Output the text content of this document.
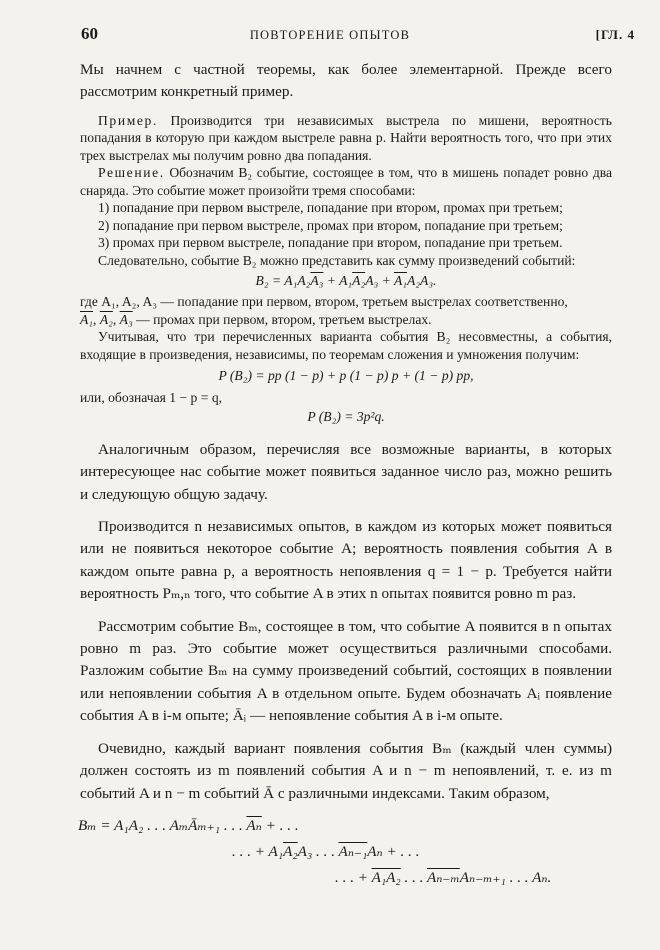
60	ПОВТОРЕНИЕ ОПЫТОВ	[ГЛ. 4

Мы начнем с частной теоремы, как более элементарной. Прежде всего рассмотрим конкретный пример.

Пример. Производится три независимых выстрела по мишени, вероятность попадания в которую при каждом выстреле равна p. Найти вероятность того, что при этих трех выстрелах мы получим ровно два попадания.

Решение. Обозначим B₂ событие, состоящее в том, что в мишень попадет ровно два снаряда. Это событие может произойти тремя способами:

1) попадание при первом выстреле, попадание при втором, промах при третьем;

2) попадание при первом выстреле, промах при втором, попадание при третьем;

3) промах при первом выстреле, попадание при втором, попадание при третьем.

Следовательно, событие B₂ можно представить как сумму произведений событий:

B₂ = A₁A₂A₃ + A₁A₂A₃ + A₁A₂A₃.

где A₁, A₂, A₃ — попадание при первом, втором, третьем выстрелах соответственно,

A₁, A₂, A₃ — промах при первом, втором, третьем выстрелах.

Учитывая, что три перечисленных варианта события B₂ несовместны, а события, входящие в произведения, независимы, по теоремам сложения и умножения получим:

P (B₂) = pp (1 − p) + p (1 − p) p + (1 − p) pp,

или, обозначая 1 − p = q,

P (B₂) = 3p²q.

Аналогичным образом, перечисляя все возможные варианты, в которых интересующее нас событие может появиться заданное число раз, можно решить и следующую общую задачу.

Производится n независимых опытов, в каждом из которых может появиться или не появиться некоторое событие A; вероятность появления события A в каждом опыте равна p, а вероятность непоявления q = 1 − p. Требуется найти вероятность Pₘ,ₙ того, что событие A в этих n опытах появится ровно m раз.

Рассмотрим событие Bₘ, состоящее в том, что событие A появится в n опытах ровно m раз. Это событие может осуществиться различными способами. Разложим событие Bₘ на сумму произведений событий, состоящих в появлении или непоявлении события A в отдельном опыте. Будем обозначать Aᵢ появление события A в i-м опыте; Āᵢ — непоявление события A в i-м опыте.

Очевидно, каждый вариант появления события Bₘ (каждый член суммы) должен состоять из m появлений события A и n − m непоявлений, т. е. из m событий A и n − m событий Ā с различными индексами. Таким образом,

Bₘ = A₁A₂ . . . AₘĀₘ₊₁ . . . $\overline{A_n}$ + . . .
. . . + A₁A₂A₃ . . . Aₙ₋₁Aₙ + . . .
. . . + A₁A₂ . . . Aₙ₋ₘAₙ₋ₘ₊₁ . . . Aₙ.
